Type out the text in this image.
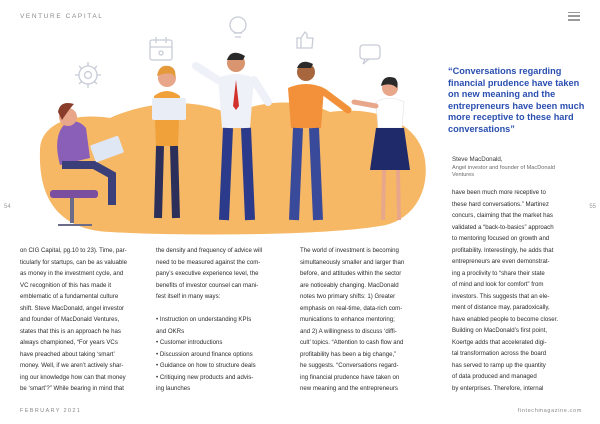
VENTURE CAPITAL
54	55
“Conversations regarding financial prudence have taken on new meaning and the entrepreneurs have been much more receptive to these hard conversations”
Steve MacDonald,
Angel investor and founder of MacDonald
Ventures
have been much more receptive to
these hard conversations.” Martinez
concurs, claiming that the market has
validated a “back-to-basics” approach
to mentoring focused on growth and
profitability. Interestingly, he adds that
entrepreneurs are even demonstrat-
ing a proclivity to “share their state
of mind and look for comfort” from
investors. This suggests that an ele-
ment of distance may, paradoxically,
have enabled people to become closer.
Building on MacDonald’s first point,
Koertge adds that accelerated digi-
tal transformation across the board
has served to ramp up the quantity
of data produced and managed
by enterprises. Therefore, internal
on CIG Capital, pg.10 to 23). Time, par-
ticularly for startups, can be as valuable
as money in the investment cycle, and
VC recognition of this has made it
emblematic of a fundamental culture
shift. Steve MacDonald, angel investor
and founder of MacDonald Ventures,
states that this is an approach he has
always championed, “For years VCs
have preached about taking ‘smart’
money. Well, if we aren’t actively shar-
ing our knowledge how can that money
be ‘smart’?” While bearing in mind that
the density and frequency of advice will
need to be measured against the com-
pany’s executive experience level, the
benefits of investor counsel can mani-
fest itself in many ways:

• Instruction on understanding KPIs
and OKRs
• Customer introductions
• Discussion around finance options
• Guidance on how to structure deals
• Critiquing new products and advis-
ing launches
The world of investment is becoming
simultaneously smaller and larger than
before, and attitudes within the sector
are noticeably changing. MacDonald
notes two primary shifts: 1) Greater
emphasis on real-time, data-rich com-
munications to enhance mentoring;
and 2) A willingness to discuss ‘diffi-
cult’ topics. “Attention to cash flow and
profitability has been a big change,”
he suggests. “Conversations regard-
ing financial prudence have taken on
new meaning and the entrepreneurs
FEBRUARY 2021	fintechmagazine.com
